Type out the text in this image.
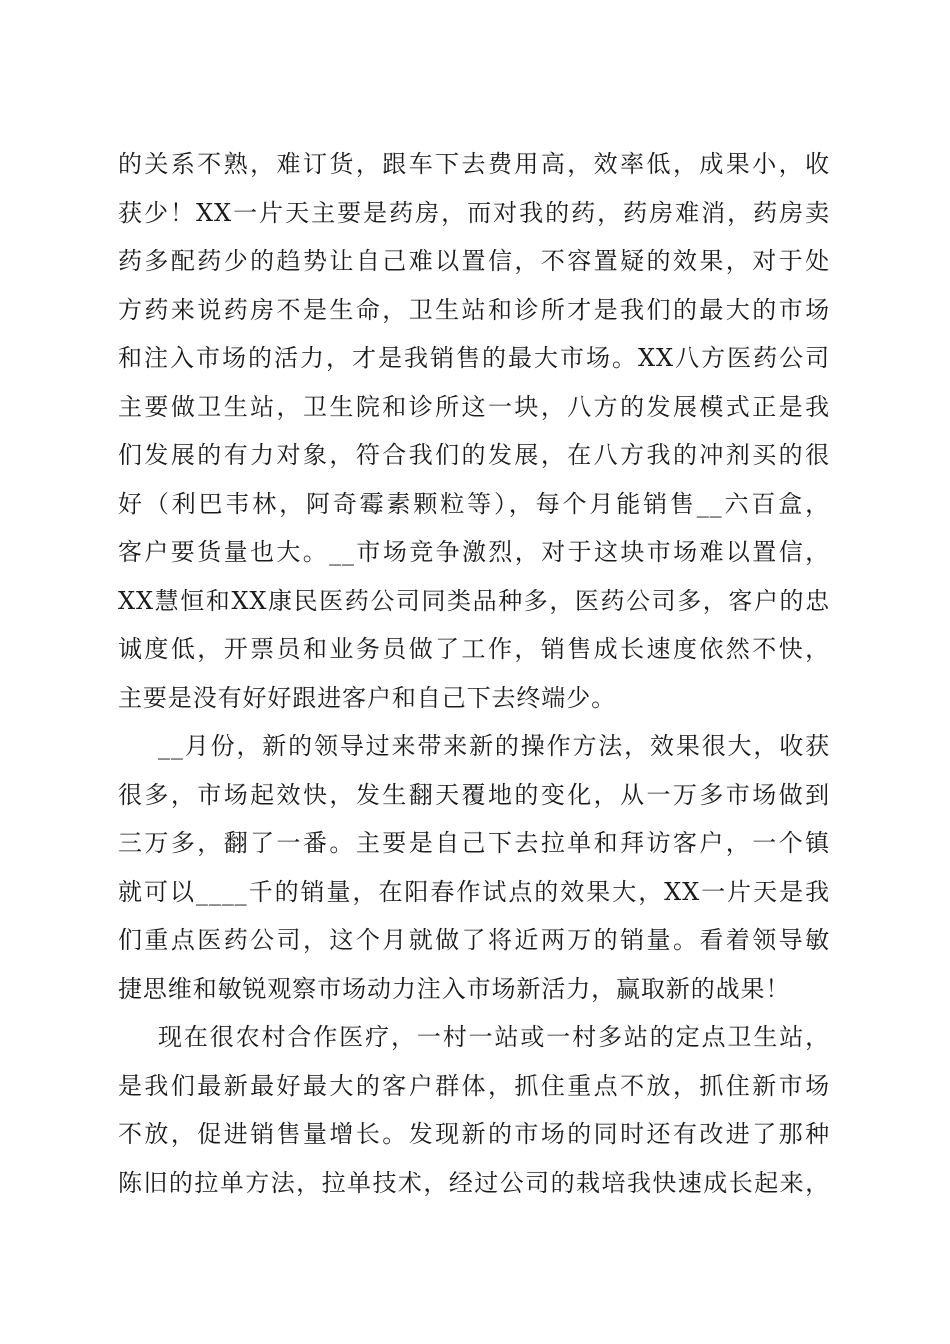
的关系不熟，难订货，跟车下去费用高，效率低，成果小，收
获少！XX一片天主要是药房，而对我的药，药房难消，药房卖
药多配药少的趋势让自己难以置信，不容置疑的效果，对于处
方药来说药房不是生命，卫生站和诊所才是我们的最大的市场
和注入市场的活力，才是我销售的最大市场。XX八方医药公司
主要做卫生站，卫生院和诊所这一块，八方的发展模式正是我
们发展的有力对象，符合我们的发展，在八方我的冲剂买的很
好（利巴韦林，阿奇霉素颗粒等），每个月能销售__六百盒，
客户要货量也大。__市场竞争激烈，对于这块市场难以置信，
XX慧恒和XX康民医药公司同类品种多，医药公司多，客户的忠
诚度低，开票员和业务员做了工作，销售成长速度依然不快，
主要是没有好好跟进客户和自己下去终端少。
__月份，新的领导过来带来新的操作方法，效果很大，收获
很多，市场起效快，发生翻天覆地的变化，从一万多市场做到
三万多，翻了一番。主要是自己下去拉单和拜访客户，一个镇
就可以____千的销量，在阳春作试点的效果大，XX一片天是我
们重点医药公司，这个月就做了将近两万的销量。看着领导敏
捷思维和敏锐观察市场动力注入市场新活力，赢取新的战果！
现在很农村合作医疗，一村一站或一村多站的定点卫生站，
是我们最新最好最大的客户群体，抓住重点不放，抓住新市场
不放，促进销售量增长。发现新的市场的同时还有改进了那种
陈旧的拉单方法，拉单技术，经过公司的栽培我快速成长起来，
